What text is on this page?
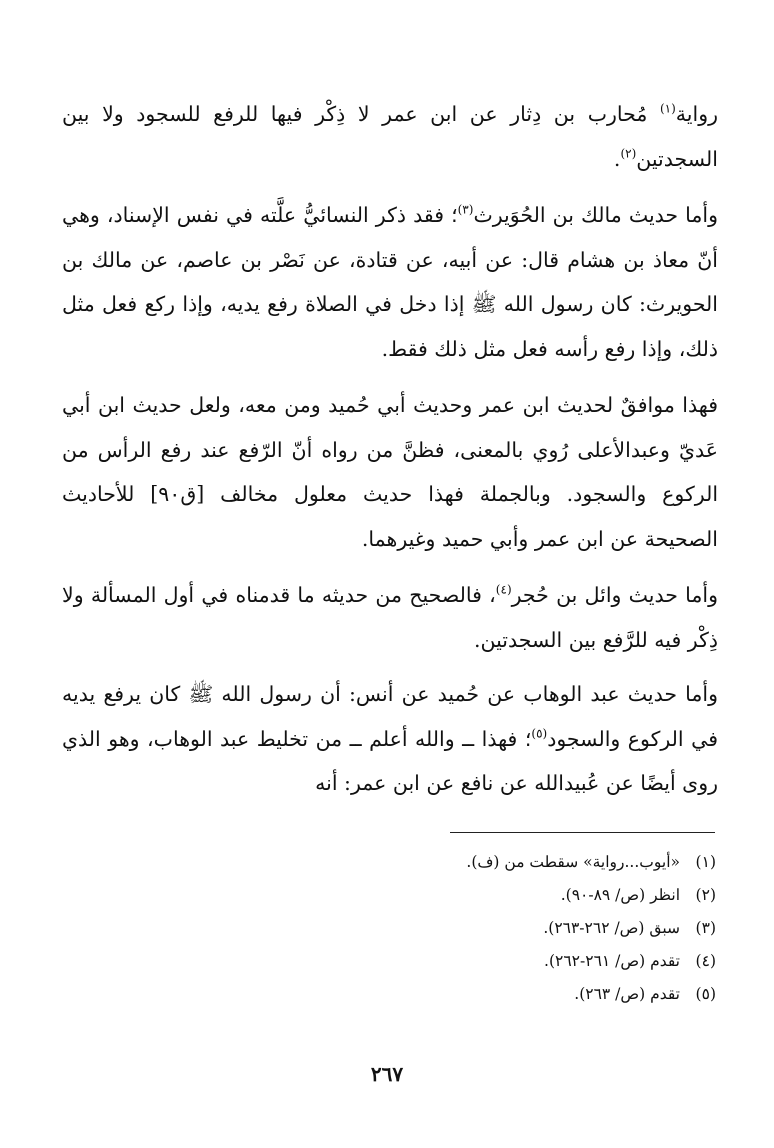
رواية$^{(١)}$ مُحارب بن دِثار عن ابن عمر لا ذِكْر فيها للرفع للسجود ولا بين السجدتين$^{(٢)}$.

وأما حديث مالك بن الحُوَيرث$^{(٣)}$؛ فقد ذكر النسائيُّ علَّته في نفس الإسناد، وهي أنّ معاذ بن هشام قال: عن أبيه، عن قتادة، عن نَصْر بن عاصم، عن مالك بن الحويرث: كان رسول الله ﷺ إذا دخل في الصلاة رفع يديه، وإذا ركع فعل مثل ذلك، وإذا رفع رأسه فعل مثل ذلك فقط.

فهذا موافقٌ لحديث ابن عمر وحديث أبي حُميد ومن معه، ولعل حديث ابن أبي عَديّ وعبدالأعلى رُوي بالمعنى، فظنَّ من رواه أنّ الرّفع عند رفع الرأس من الركوع والسجود. وبالجملة فهذا حديث معلول مخالف [ق٩٠] للأحاديث الصحيحة عن ابن عمر وأبي حميد وغيرهما.

وأما حديث وائل بن حُجر$^{(٤)}$، فالصحيح من حديثه ما قدمناه في أول المسألة ولا ذِكْر فيه للرَّفع بين السجدتين.

وأما حديث عبد الوهاب عن حُميد عن أنس: أن رسول الله ﷺ كان يرفع يديه في الركوع والسجود$^{(٥)}$؛ فهذا ــ والله أعلم ــ من تخليط عبد الوهاب، وهو الذي روى أيضًا عن عُبيدالله عن نافع عن ابن عمر: أنه

(١)«أيوب...رواية» سقطت من (ف).
(٢)انظر (ص/ ٨٩-٩٠).
(٣)سبق (ص/ ٢٦٢-٢٦٣).
(٤)تقدم (ص/ ٢٦١-٢٦٢).
(٥)تقدم (ص/ ٢٦٣).
٢٦٧
